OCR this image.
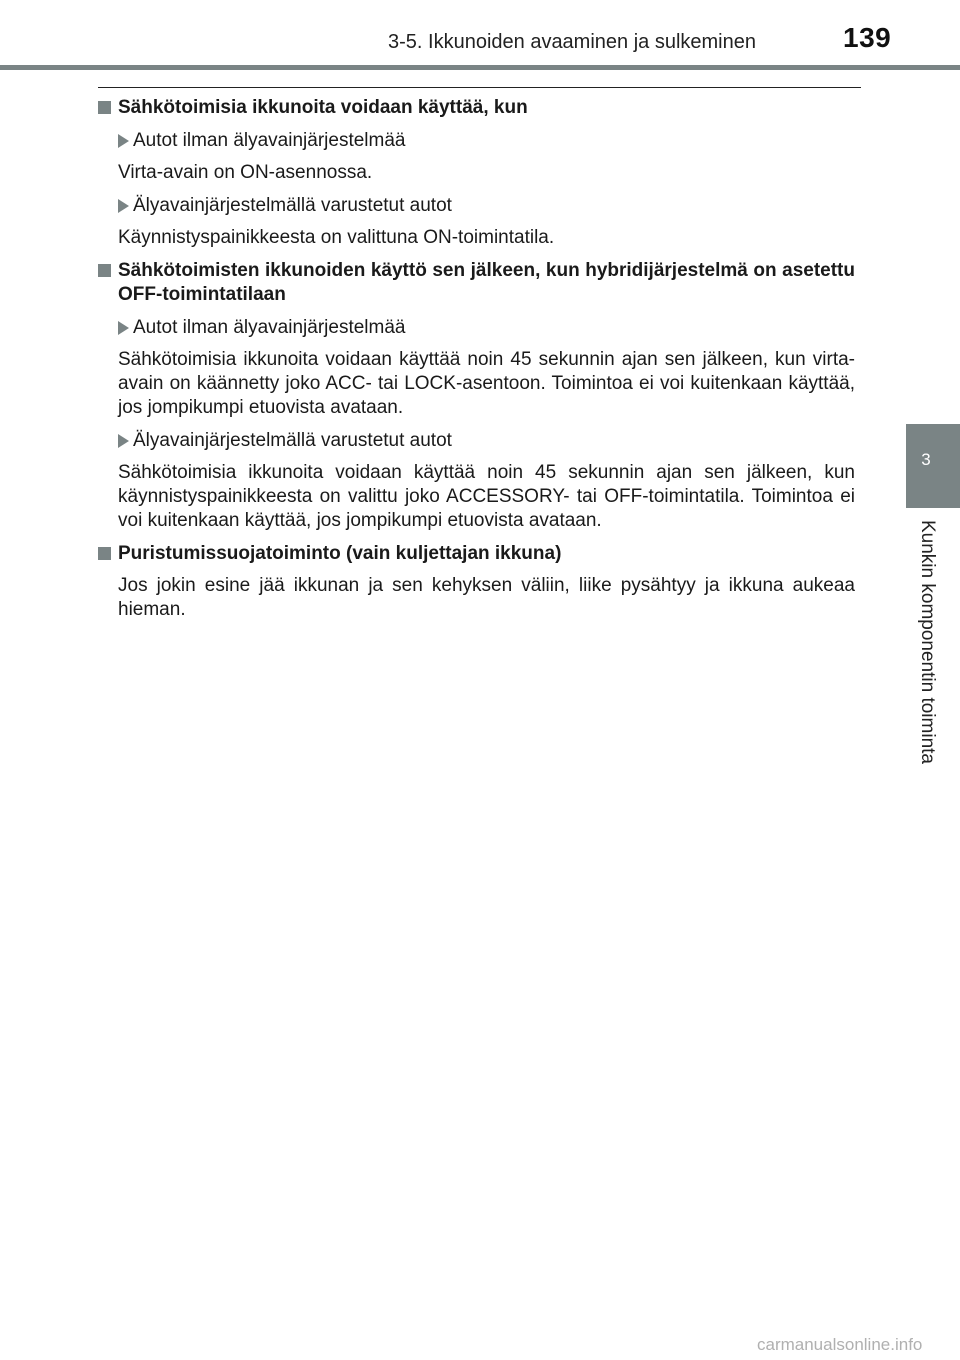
3-5. Ikkunoiden avaaminen ja sulkeminen	139
3
Kunkin komponentin toiminta

Sähkötoimisia ikkunoita voidaan käyttää, kun

Autot ilman älyavainjärjestelmää

Virta-avain on ON-asennossa.

Älyavainjärjestelmällä varustetut autot

Käynnistyspainikkeesta on valittuna ON-toimintatila.

Sähkötoimisten ikkunoiden käyttö sen jälkeen, kun hybridijärjestelmä on asetettu OFF-toimintatilaan

Autot ilman älyavainjärjestelmää

Sähkötoimisia ikkunoita voidaan käyttää noin 45 sekunnin ajan sen jälkeen, kun virta-avain on käännetty joko ACC- tai LOCK-asentoon. Toimintoa ei voi kuitenkaan käyttää, jos jompikumpi etuovista avataan.

Älyavainjärjestelmällä varustetut autot

Sähkötoimisia ikkunoita voidaan käyttää noin 45 sekunnin ajan sen jälkeen, kun käynnistyspainikkeesta on valittu joko ACCESSORY- tai OFF-toimintatila. Toimintoa ei voi kuitenkaan käyttää, jos jompikumpi etuovista avataan.

Puristumissuojatoiminto (vain kuljettajan ikkuna)

Jos jokin esine jää ikkunan ja sen kehyksen väliin, liike pysähtyy ja ikkuna aukeaa hieman.

carmanualsonline.info
